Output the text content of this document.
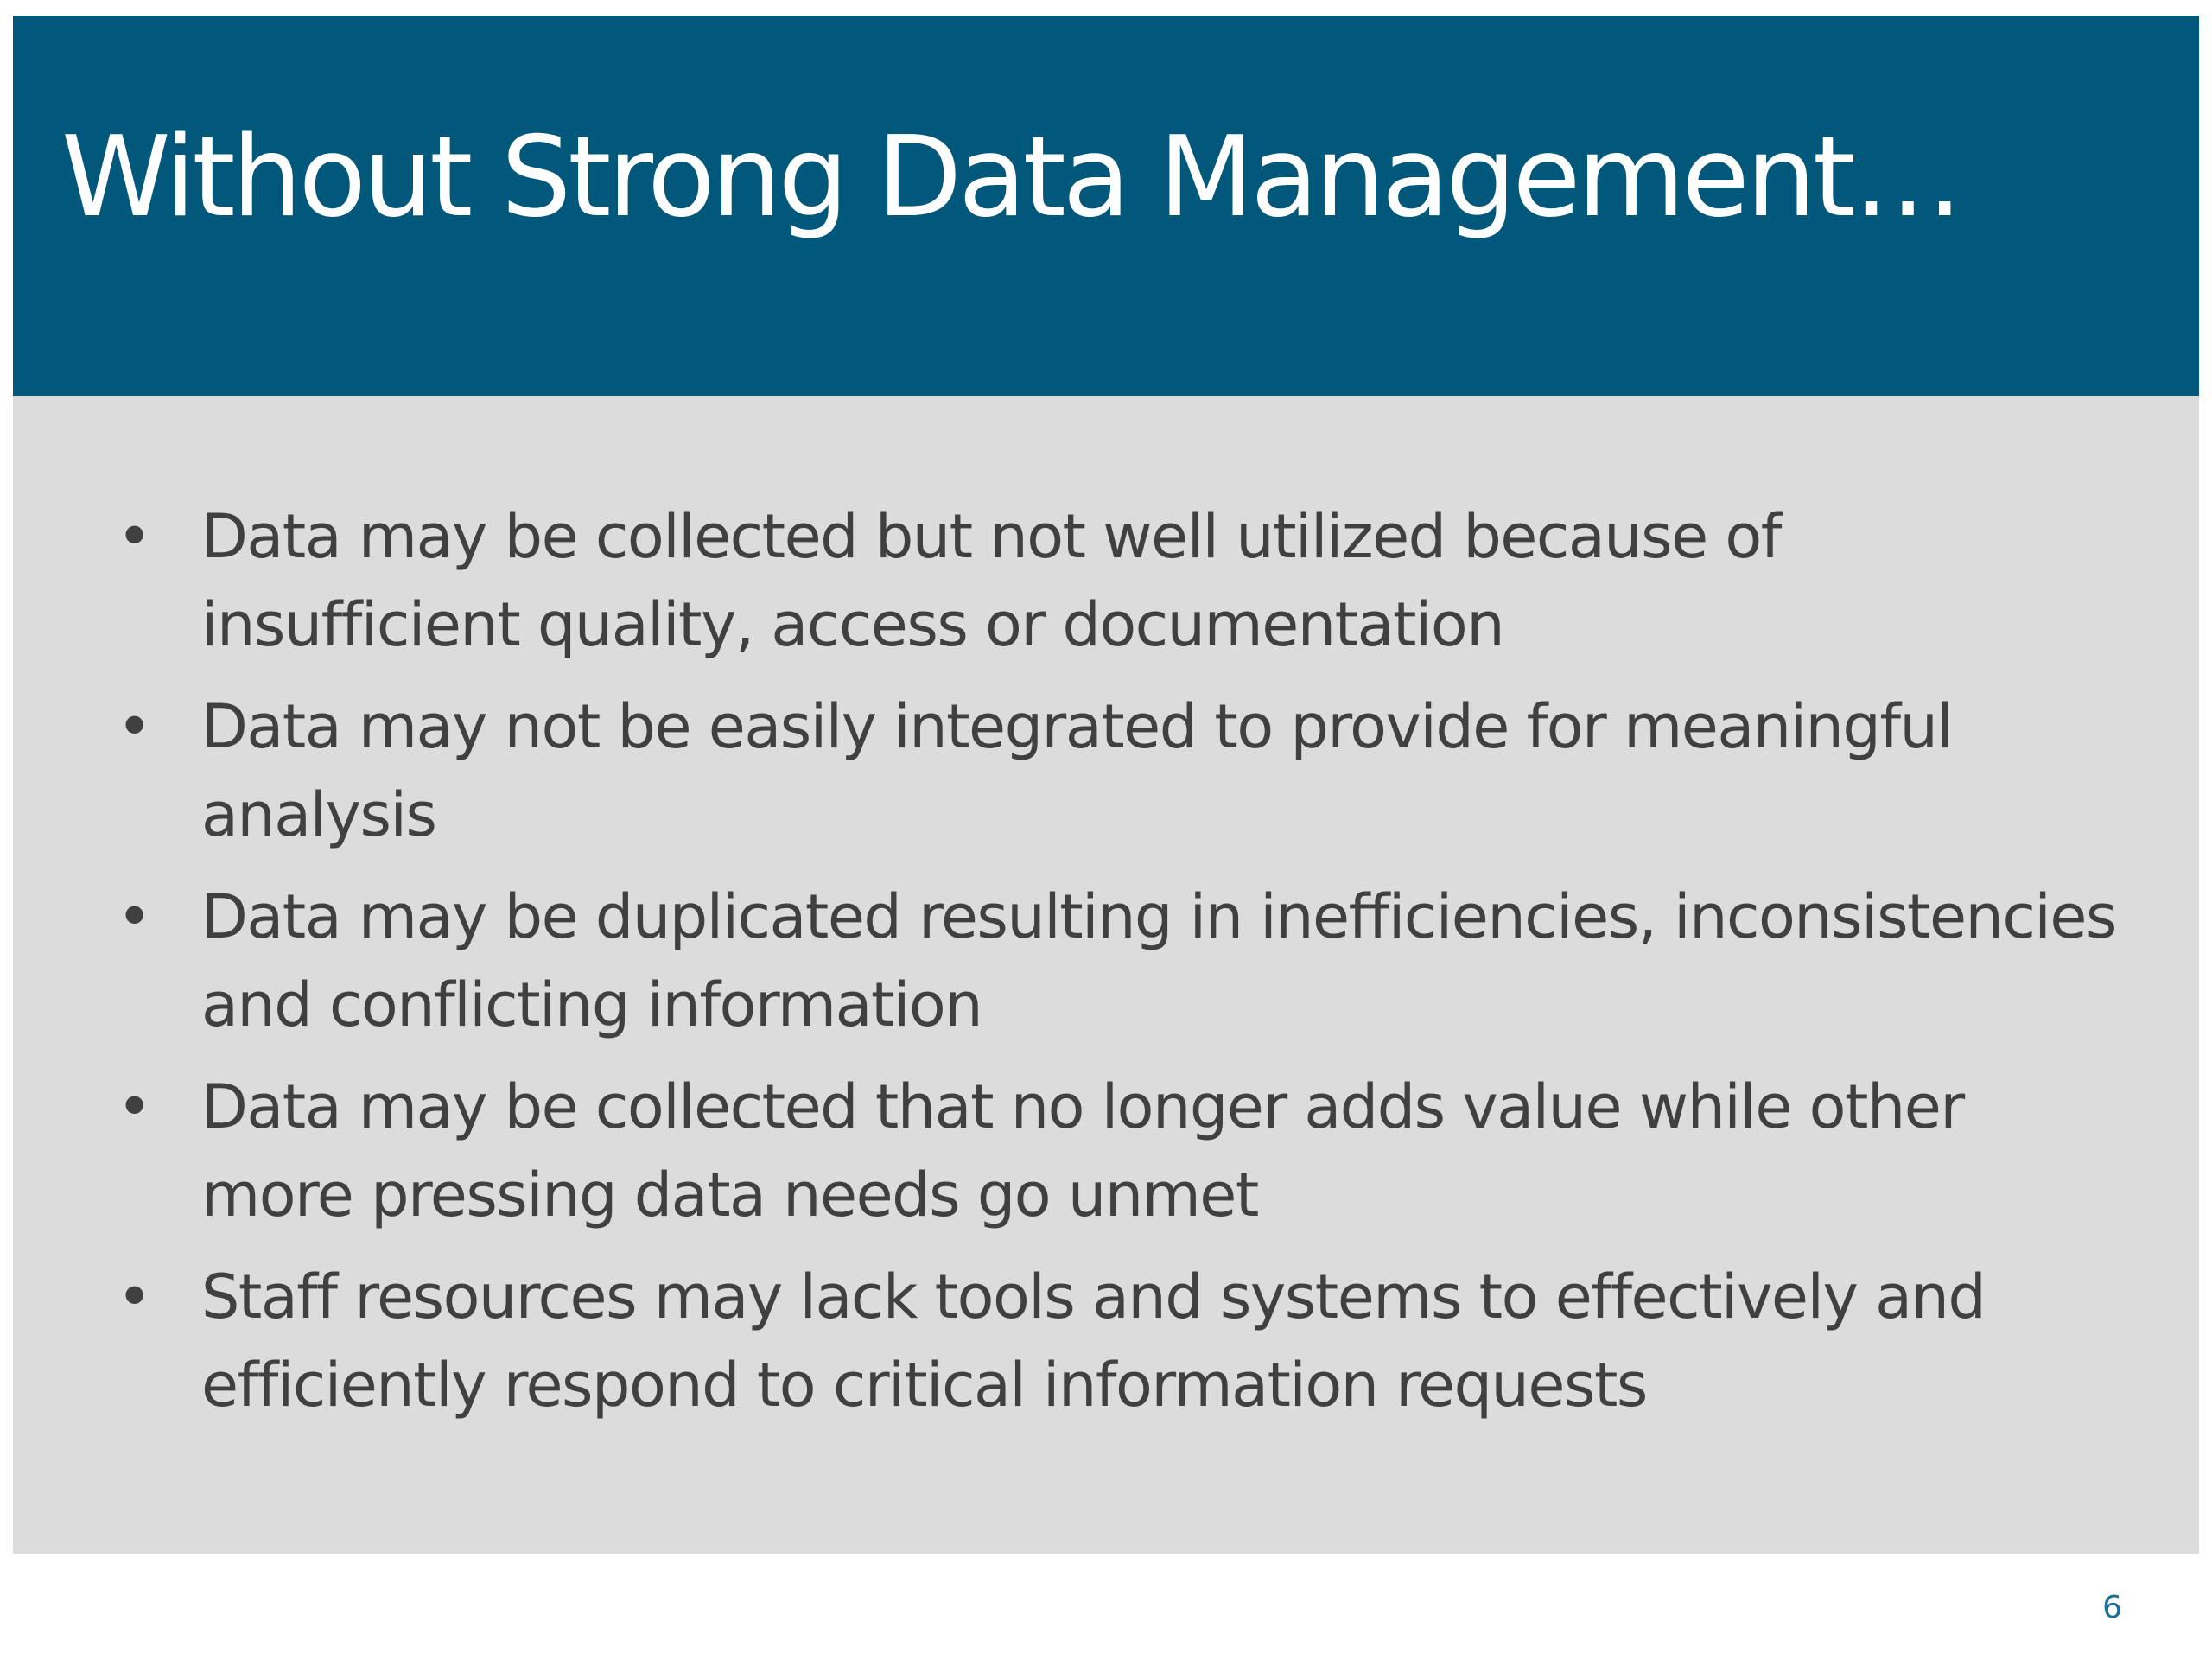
Without Strong Data Management…
• Data may be collected but not well utilized because of
insufficient quality, access or documentation
• Data may not be easily integrated to provide for meaningful
analysis
• Data may be duplicated resulting in inefficiencies, inconsistencies
and conflicting information
• Data may be collected that no longer adds value while other
more pressing data needs go unmet
• Staff resources may lack tools and systems to effectively and
efficiently respond to critical information requests
6
